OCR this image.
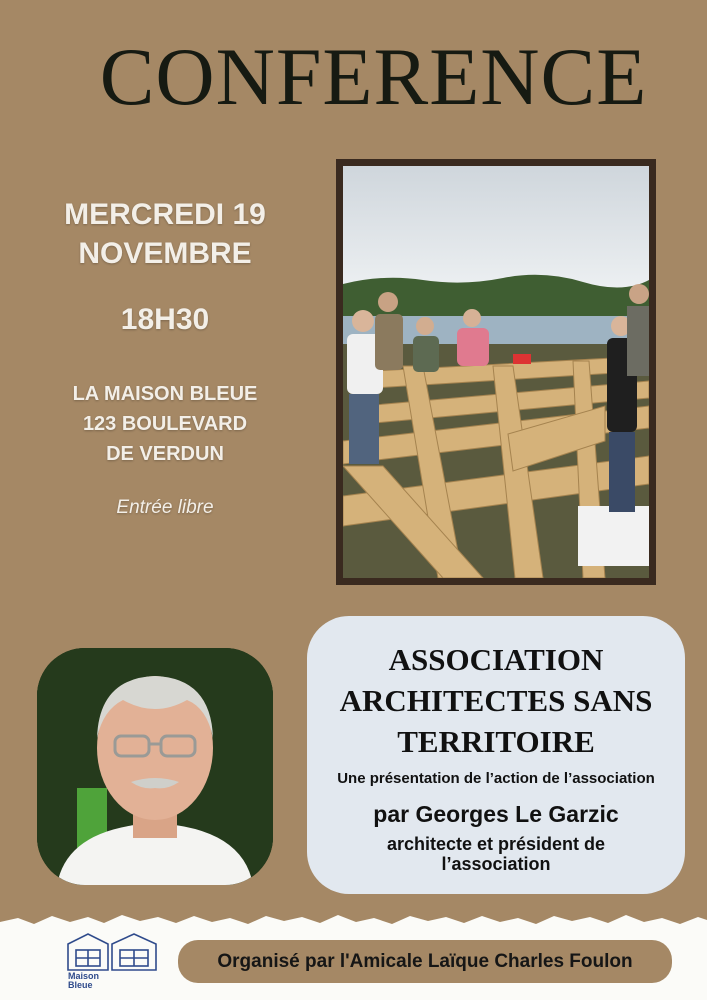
CONFERENCE
MERCREDI 19
NOVEMBRE
18H30
LA MAISON BLEUE
123 BOULEVARD
DE VERDUN
Entrée libre
ASSOCIATION
ARCHITECTES SANS
TERRITOIRE
Une présentation de l’action de l’association
par Georges Le Garzic
architecte et président de
l’association
Maison
Bleue
Organisé par l'Amicale Laïque Charles Foulon
